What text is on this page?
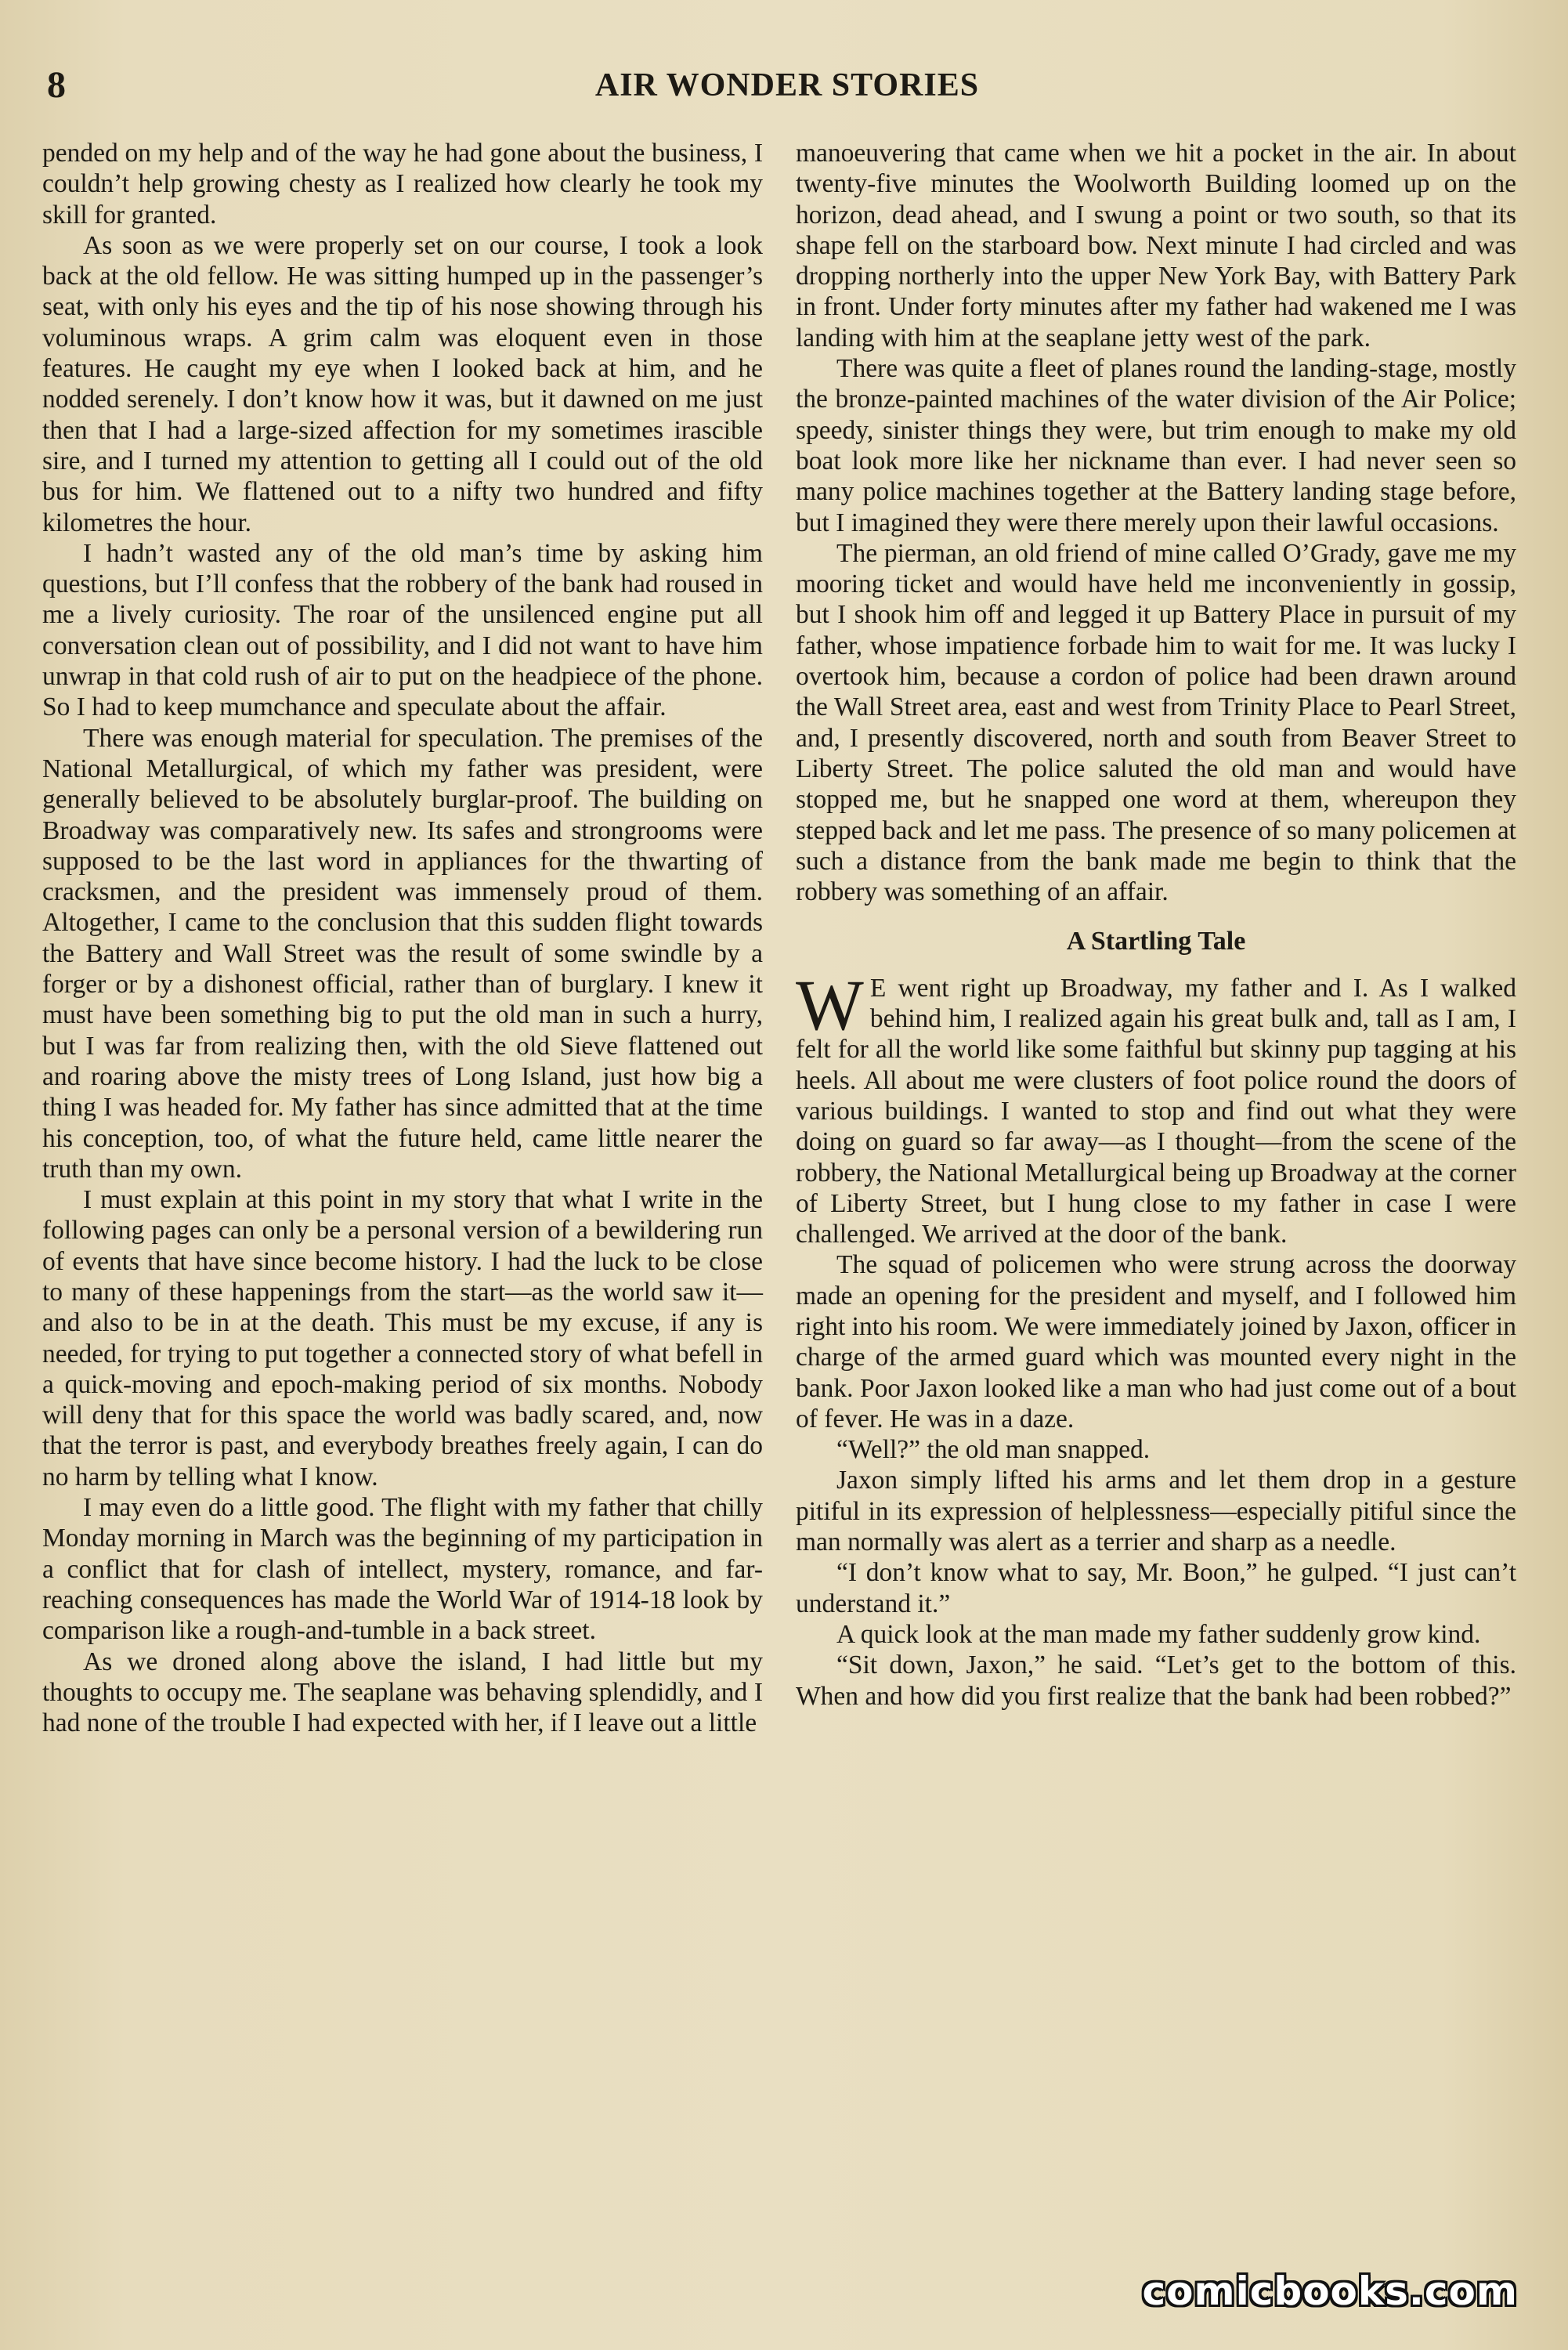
8	AIR WONDER STORIES

pended on my help and of the way he had gone about the business, I couldn’t help growing chesty as I realized how clearly he took my skill for granted.

As soon as we were properly set on our course, I took a look back at the old fellow. He was sitting humped up in the passenger’s seat, with only his eyes and the tip of his nose showing through his voluminous wraps. A grim calm was eloquent even in those features. He caught my eye when I looked back at him, and he nodded serenely. I don’t know how it was, but it dawned on me just then that I had a large-sized affection for my sometimes irascible sire, and I turned my attention to getting all I could out of the old bus for him. We flattened out to a nifty two hundred and fifty kilometres the hour.

I hadn’t wasted any of the old man’s time by asking him questions, but I’ll confess that the robbery of the bank had roused in me a lively curiosity. The roar of the unsilenced engine put all conversation clean out of possibility, and I did not want to have him unwrap in that cold rush of air to put on the headpiece of the phone. So I had to keep mumchance and speculate about the affair.

There was enough material for speculation. The premises of the National Metallurgical, of which my father was president, were generally believed to be absolutely burglar-proof. The building on Broadway was comparatively new. Its safes and strongrooms were supposed to be the last word in appliances for the thwarting of cracksmen, and the president was immensely proud of them. Altogether, I came to the conclusion that this sudden flight towards the Battery and Wall Street was the result of some swindle by a forger or by a dishonest official, rather than of burglary. I knew it must have been something big to put the old man in such a hurry, but I was far from realizing then, with the old Sieve flattened out and roaring above the misty trees of Long Island, just how big a thing I was headed for. My father has since admitted that at the time his conception, too, of what the future held, came little nearer the truth than my own.

I must explain at this point in my story that what I write in the following pages can only be a personal version of a bewildering run of events that have since become history. I had the luck to be close to many of these happenings from the start—as the world saw it—and also to be in at the death. This must be my excuse, if any is needed, for trying to put together a connected story of what befell in a quick-moving and epoch-making period of six months. Nobody will deny that for this space the world was badly scared, and, now that the terror is past, and everybody breathes freely again, I can do no harm by telling what I know.

I may even do a little good. The flight with my father that chilly Monday morning in March was the beginning of my participation in a conflict that for clash of intellect, mystery, romance, and far-reaching consequences has made the World War of 1914-18 look by comparison like a rough-and-tumble in a back street.

As we droned along above the island, I had little but my thoughts to occupy me. The seaplane was behaving splendidly, and I had none of the trouble I had expected with her, if I leave out a little

manoeuvering that came when we hit a pocket in the air. In about twenty-five minutes the Woolworth Building loomed up on the horizon, dead ahead, and I swung a point or two south, so that its shape fell on the starboard bow. Next minute I had circled and was dropping northerly into the upper New York Bay, with Battery Park in front. Under forty minutes after my father had wakened me I was landing with him at the seaplane jetty west of the park.

There was quite a fleet of planes round the landing-stage, mostly the bronze-painted machines of the water division of the Air Police; speedy, sinister things they were, but trim enough to make my old boat look more like her nickname than ever. I had never seen so many police machines together at the Battery landing stage before, but I imagined they were there merely upon their lawful occasions.

The pierman, an old friend of mine called O’Grady, gave me my mooring ticket and would have held me inconveniently in gossip, but I shook him off and legged it up Battery Place in pursuit of my father, whose impatience forbade him to wait for me. It was lucky I overtook him, because a cordon of police had been drawn around the Wall Street area, east and west from Trinity Place to Pearl Street, and, I presently discovered, north and south from Beaver Street to Liberty Street. The police saluted the old man and would have stopped me, but he snapped one word at them, whereupon they stepped back and let me pass. The presence of so many policemen at such a distance from the bank made me begin to think that the robbery was something of an affair.

A Startling Tale

W E went right up Broadway, my father and I. As I walked behind him, I realized again his great bulk and, tall as I am, I felt for all the world like some faithful but skinny pup tagging at his heels. All about me were clusters of foot police round the doors of various buildings. I wanted to stop and find out what they were doing on guard so far away—as I thought—from the scene of the robbery, the National Metallurgical being up Broadway at the corner of Liberty Street, but I hung close to my father in case I were challenged. We arrived at the door of the bank.

The squad of policemen who were strung across the doorway made an opening for the president and myself, and I followed him right into his room. We were immediately joined by Jaxon, officer in charge of the armed guard which was mounted every night in the bank. Poor Jaxon looked like a man who had just come out of a bout of fever. He was in a daze.

“Well?” the old man snapped.

Jaxon simply lifted his arms and let them drop in a gesture pitiful in its expression of helplessness—especially pitiful since the man normally was alert as a terrier and sharp as a needle.

“I don’t know what to say, Mr. Boon,” he gulped. “I just can’t understand it.”

A quick look at the man made my father suddenly grow kind.

“Sit down, Jaxon,” he said. “Let’s get to the bottom of this. When and how did you first realize that the bank had been robbed?”

comicbooks.com
